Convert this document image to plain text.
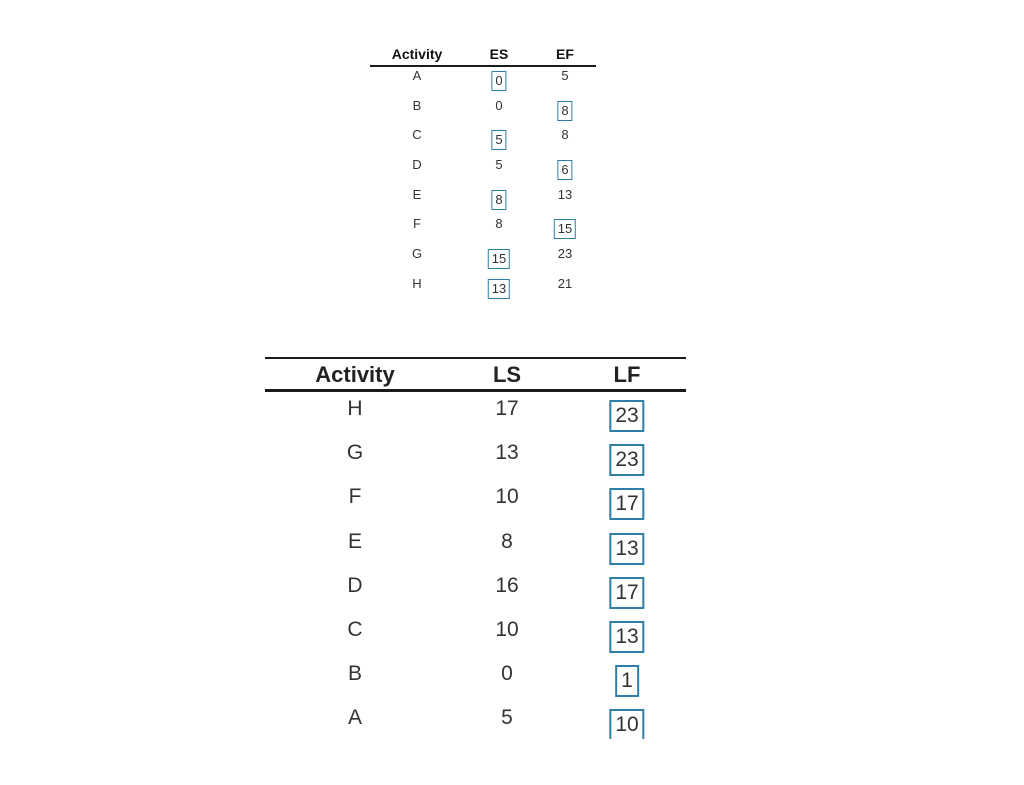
Activity	ES	EF
A	0	5
B	0	8
C	5	8
D	5	6
E	8	13
F	8	15
G	15	23
H	13	21
Activity	LS	LF
H	17	23
G	13	23
F	10	17
E	8	13
D	16	17
C	10	13
B	0	1
A	5	10
